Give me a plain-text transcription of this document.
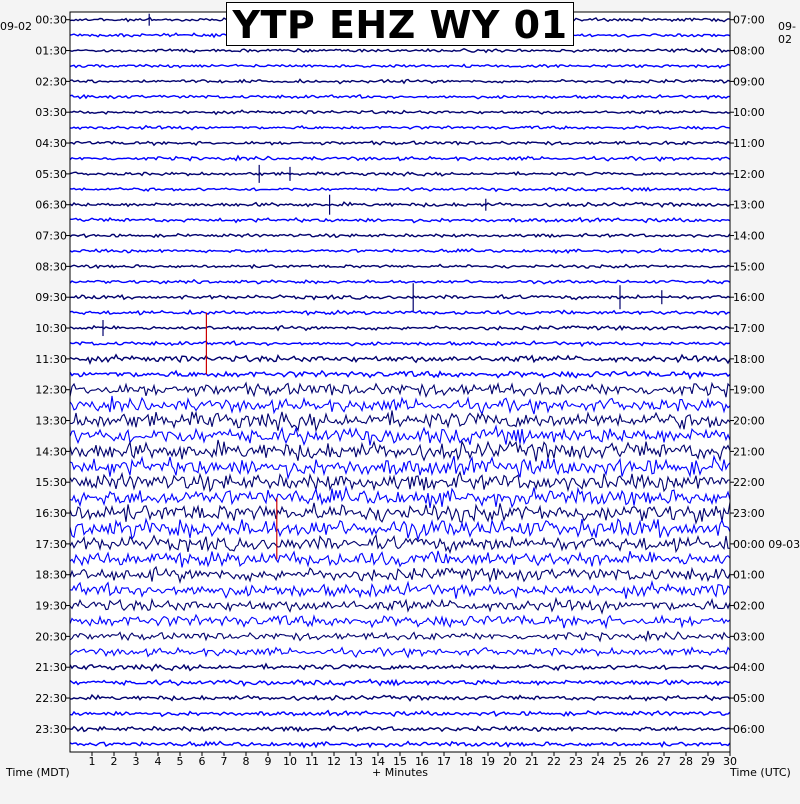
00:30
01:30
02:30
03:30
04:30
05:30
06:30
07:30
08:30
09:30
10:30
11:30
12:30
13:30
14:30
15:30
16:30
17:30
18:30
19:30
20:30
21:30
22:30
23:30
07:00
08:00
09:00
10:00
11:00
12:00
13:00
14:00
15:00
16:00
17:00
18:00
19:00
20:00
21:00
22:00
23:00
00:00 09-03
01:00
02:00
03:00
04:00
05:00
06:00
1 2 3 4 5 6 7 8 9 10 11 12 13 14 15 16 17 18 19 20 21 22 23 24 25 26 27 28 29 30
YTP EHZ WY 01
09-02	09-02
Time (MDT)	+ Minutes	Time (UTC)
